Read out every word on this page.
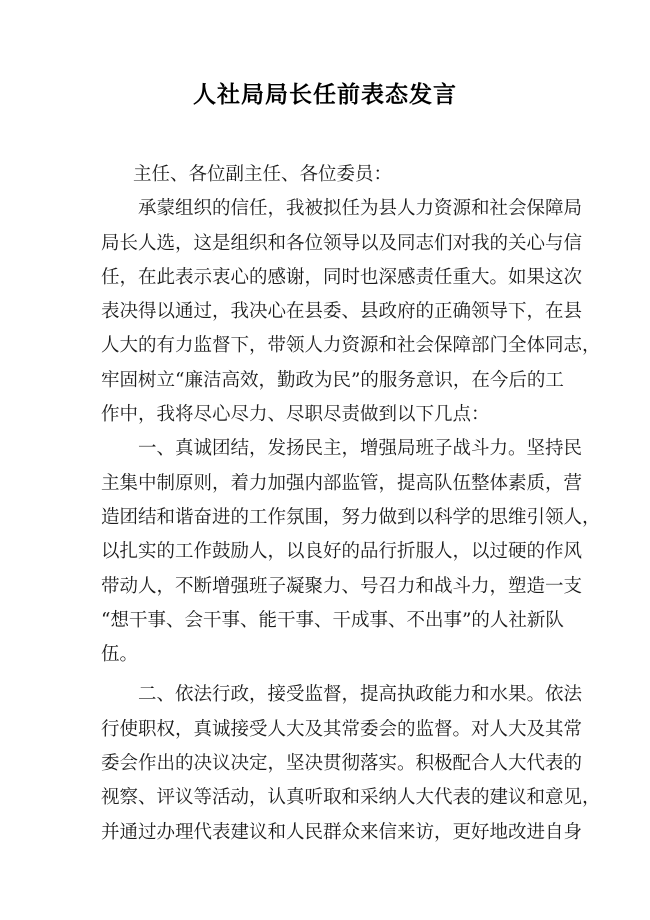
人社局局长任前表态发言
主任、各位副主任、各位委员：
承蒙组织的信任，我被拟任为县人力资源和社会保障局
局长人选，这是组织和各位领导以及同志们对我的关心与信
任，在此表示衷心的感谢，同时也深感责任重大。如果这次
表决得以通过，我决心在县委、县政府的正确领导下，在县
人大的有力监督下，带领人力资源和社会保障部门全体同志，
牢固树立“廉洁高效，勤政为民”的服务意识，在今后的工
作中，我将尽心尽力、尽职尽责做到以下几点：
一、真诚团结，发扬民主，增强局班子战斗力。坚持民
主集中制原则，着力加强内部监管，提高队伍整体素质，营
造团结和谐奋进的工作氛围，努力做到以科学的思维引领人，
以扎实的工作鼓励人，以良好的品行折服人，以过硬的作风
带动人，不断增强班子凝聚力、号召力和战斗力，塑造一支
“想干事、会干事、能干事、干成事、不出事”的人社新队
伍。
二、依法行政，接受监督，提高执政能力和水果。依法
行使职权，真诚接受人大及其常委会的监督。对人大及其常
委会作出的决议决定，坚决贯彻落实。积极配合人大代表的
视察、评议等活动，认真听取和采纳人大代表的建议和意见，
并通过办理代表建议和人民群众来信来访，更好地改进自身
